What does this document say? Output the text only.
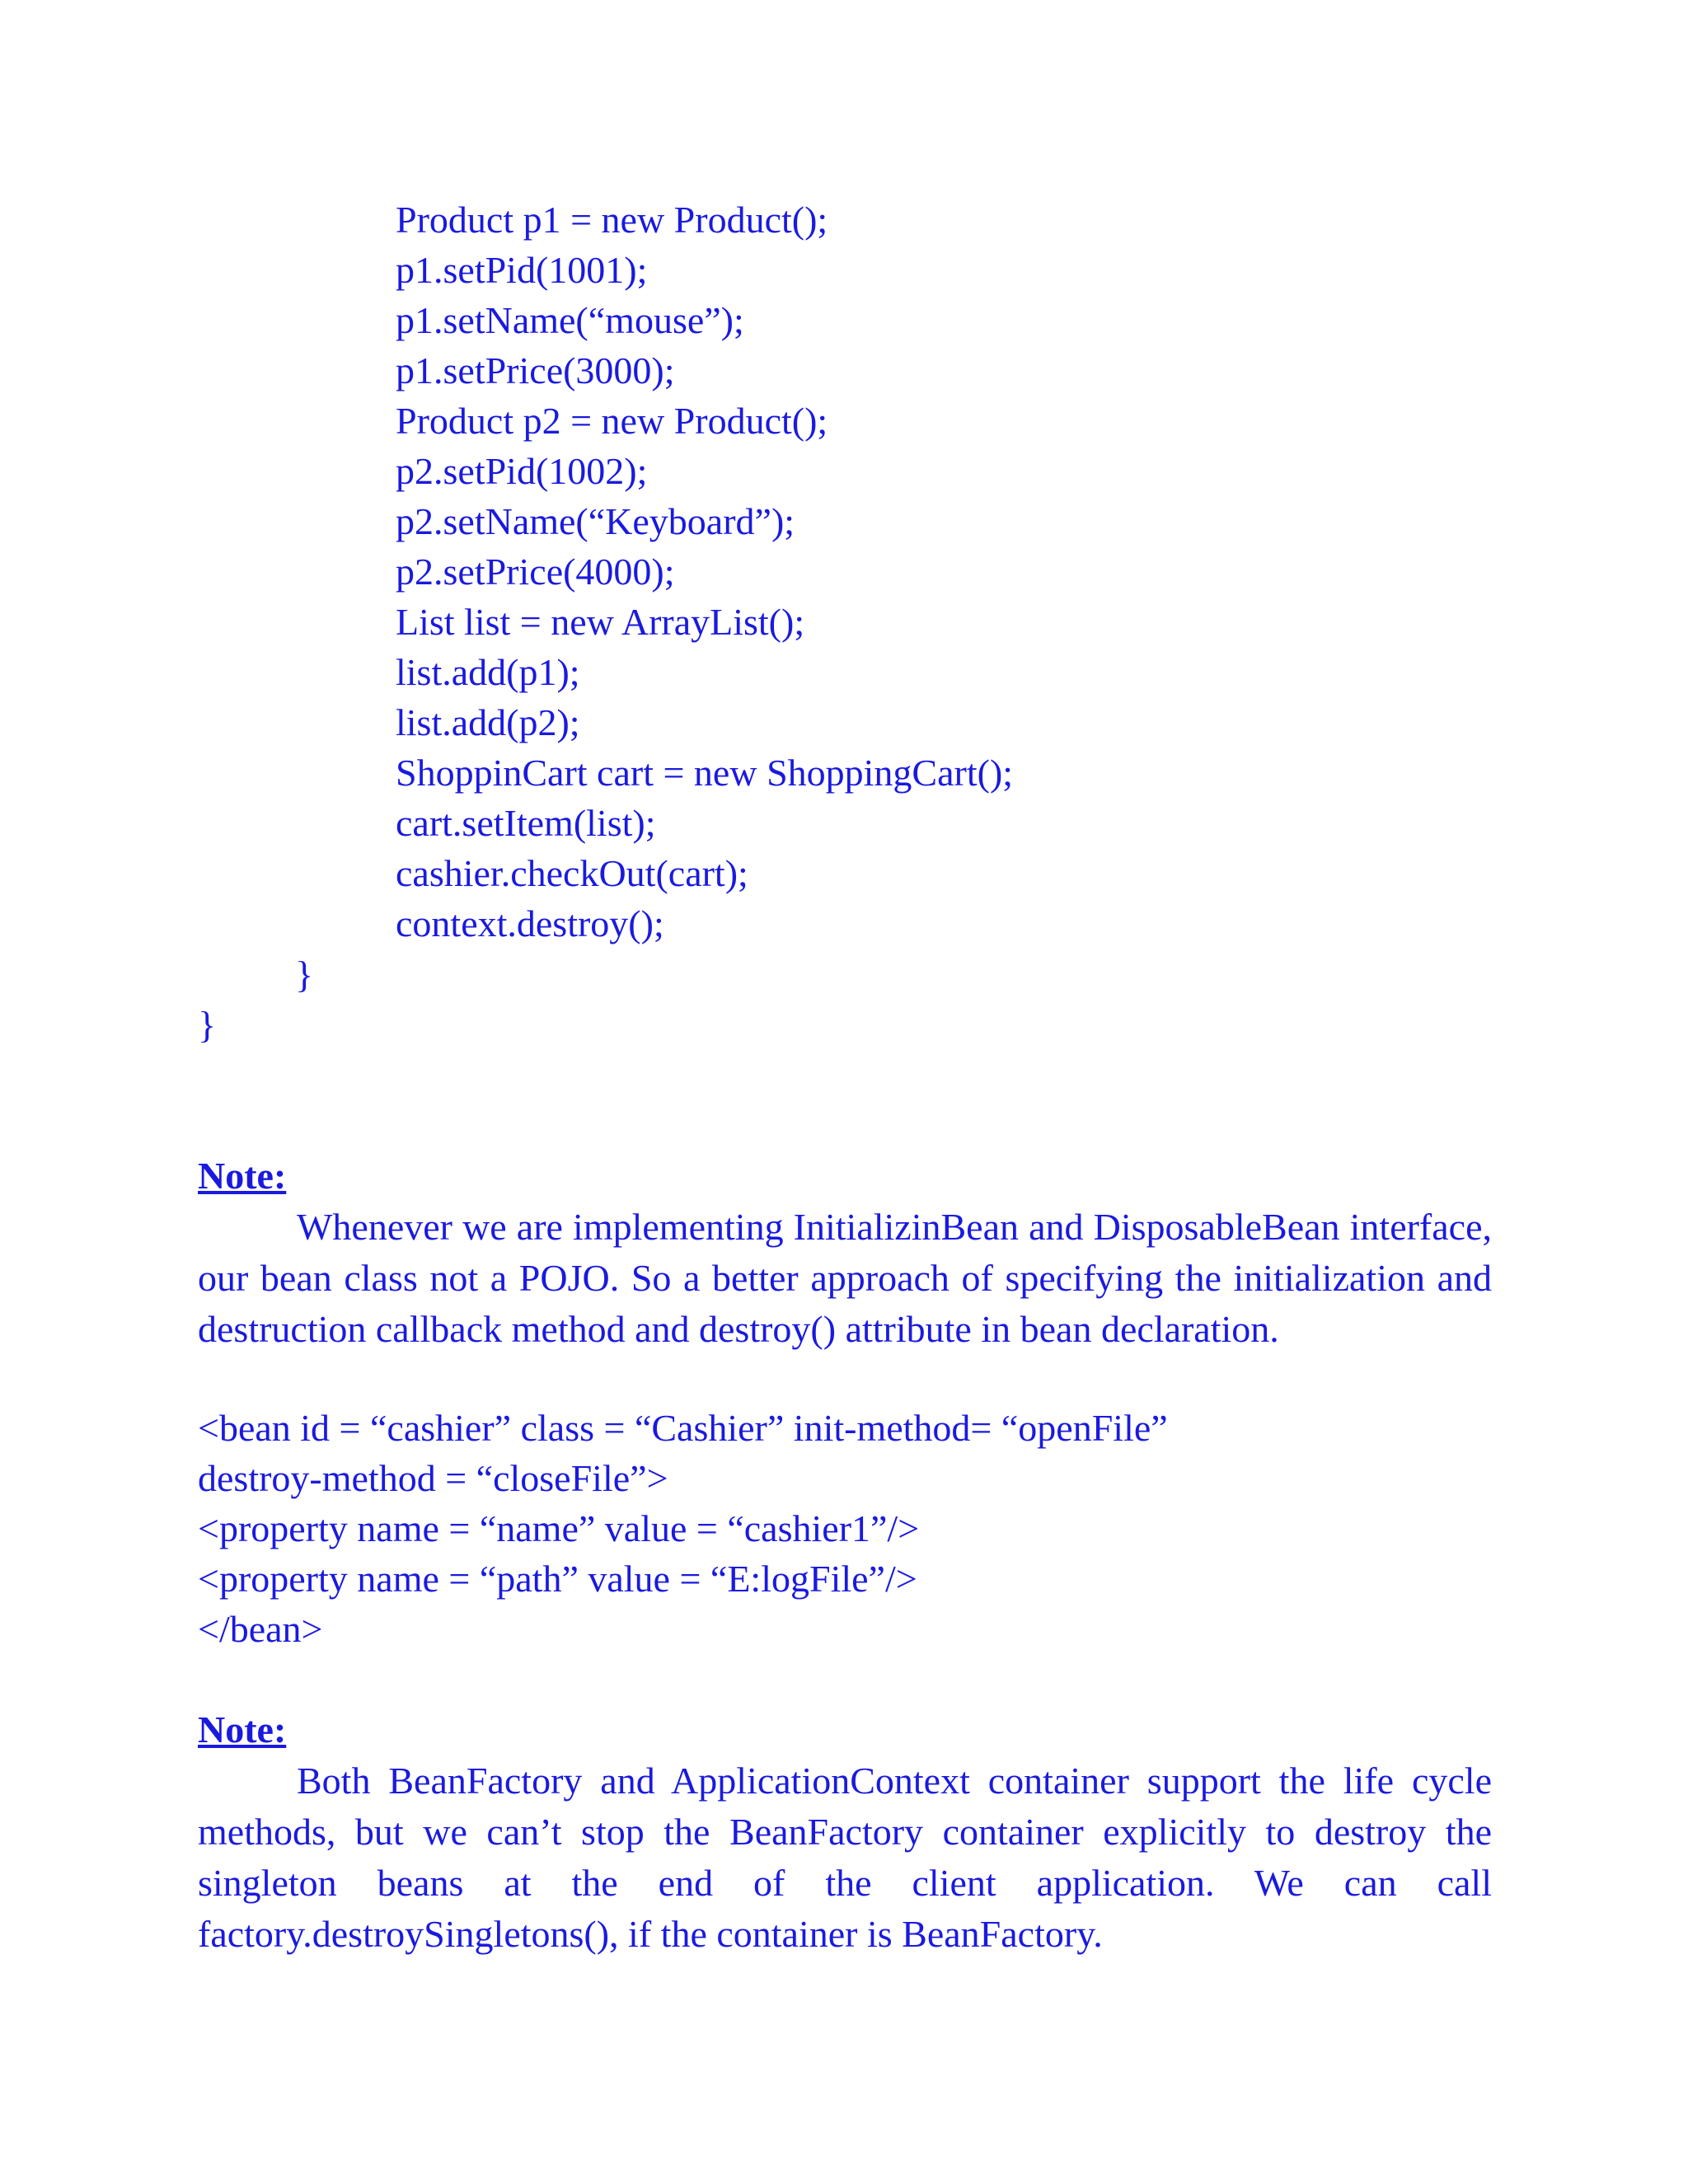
Product p1 = new Product();
p1.setPid(1001);
p1.setName(“mouse”);
p1.setPrice(3000);
Product p2 = new Product();
p2.setPid(1002);
p2.setName(“Keyboard”);
p2.setPrice(4000);
List list = new ArrayList();
list.add(p1);
list.add(p2);
ShoppinCart cart = new ShoppingCart();
cart.setItem(list);
cashier.checkOut(cart);
context.destroy();
}
}
Note:
Whenever we are implementing InitializinBean and DisposableBean interface, our bean class not a POJO. So a better approach of specifying the initialization and destruction callback method and destroy() attribute in bean declaration.
<bean id = “cashier” class = “Cashier” init-method= “openFile”
destroy-method = “closeFile”>
<property name = “name” value = “cashier1”/>
<property name = “path” value = “E:logFile”/>
</bean>
Note:
Both BeanFactory and ApplicationContext container support the life cycle methods, but we can’t stop the BeanFactory container explicitly to destroy the singleton beans at the end of the client application. We can call factory.destroySingletons(), if the container is BeanFactory.
